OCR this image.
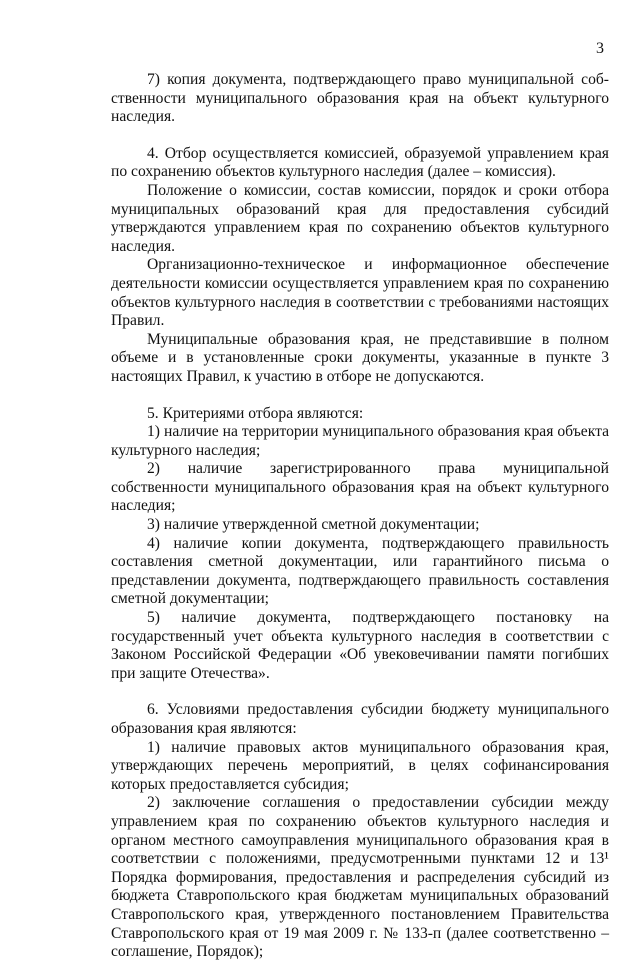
3

7) копия документа, подтверждающего право муниципальной собственности муниципального образования края на объект культурного наследия.

4. Отбор осуществляется комиссией, образуемой управлением края по сохранению объектов культурного наследия (далее – комиссия).

Положение о комиссии, состав комиссии, порядок и сроки отбора муниципальных образований края для предоставления субсидий утверждаются управлением края по сохранению объектов культурного наследия.

Организационно-техническое и информационное обеспечение деятельности комиссии осуществляется управлением края по сохранению объектов культурного наследия в соответствии с требованиями настоящих Правил.

Муниципальные образования края, не представившие в полном объеме и в установленные сроки документы, указанные в пункте 3 настоящих Правил, к участию в отборе не допускаются.

5. Критериями отбора являются:

1) наличие на территории муниципального образования края объекта культурного наследия;

2) наличие зарегистрированного права муниципальной собственности муниципального образования края на объект культурного наследия;

3) наличие утвержденной сметной документации;

4) наличие копии документа, подтверждающего правильность составления сметной документации, или гарантийного письма о представлении документа, подтверждающего правильность составления сметной документации;

5) наличие документа, подтверждающего постановку на государственный учет объекта культурного наследия в соответствии с Законом Российской Федерации «Об увековечивании памяти погибших при защите Отечества».

6. Условиями предоставления субсидии бюджету муниципального образования края являются:

1) наличие правовых актов муниципального образования края, утверждающих перечень мероприятий, в целях софинансирования которых предоставляется субсидия;

2) заключение соглашения о предоставлении субсидии между управлением края по сохранению объектов культурного наследия и органом местного самоуправления муниципального образования края в соответствии с положениями, предусмотренными пунктами 12 и 13¹ Порядка формирования, предоставления и распределения субсидий из бюджета Ставропольского края бюджетам муниципальных образований Ставропольского края, утвержденного постановлением Правительства Ставропольского края от 19 мая 2009 г. № 133-п (далее соответственно – соглашение, Порядок);
